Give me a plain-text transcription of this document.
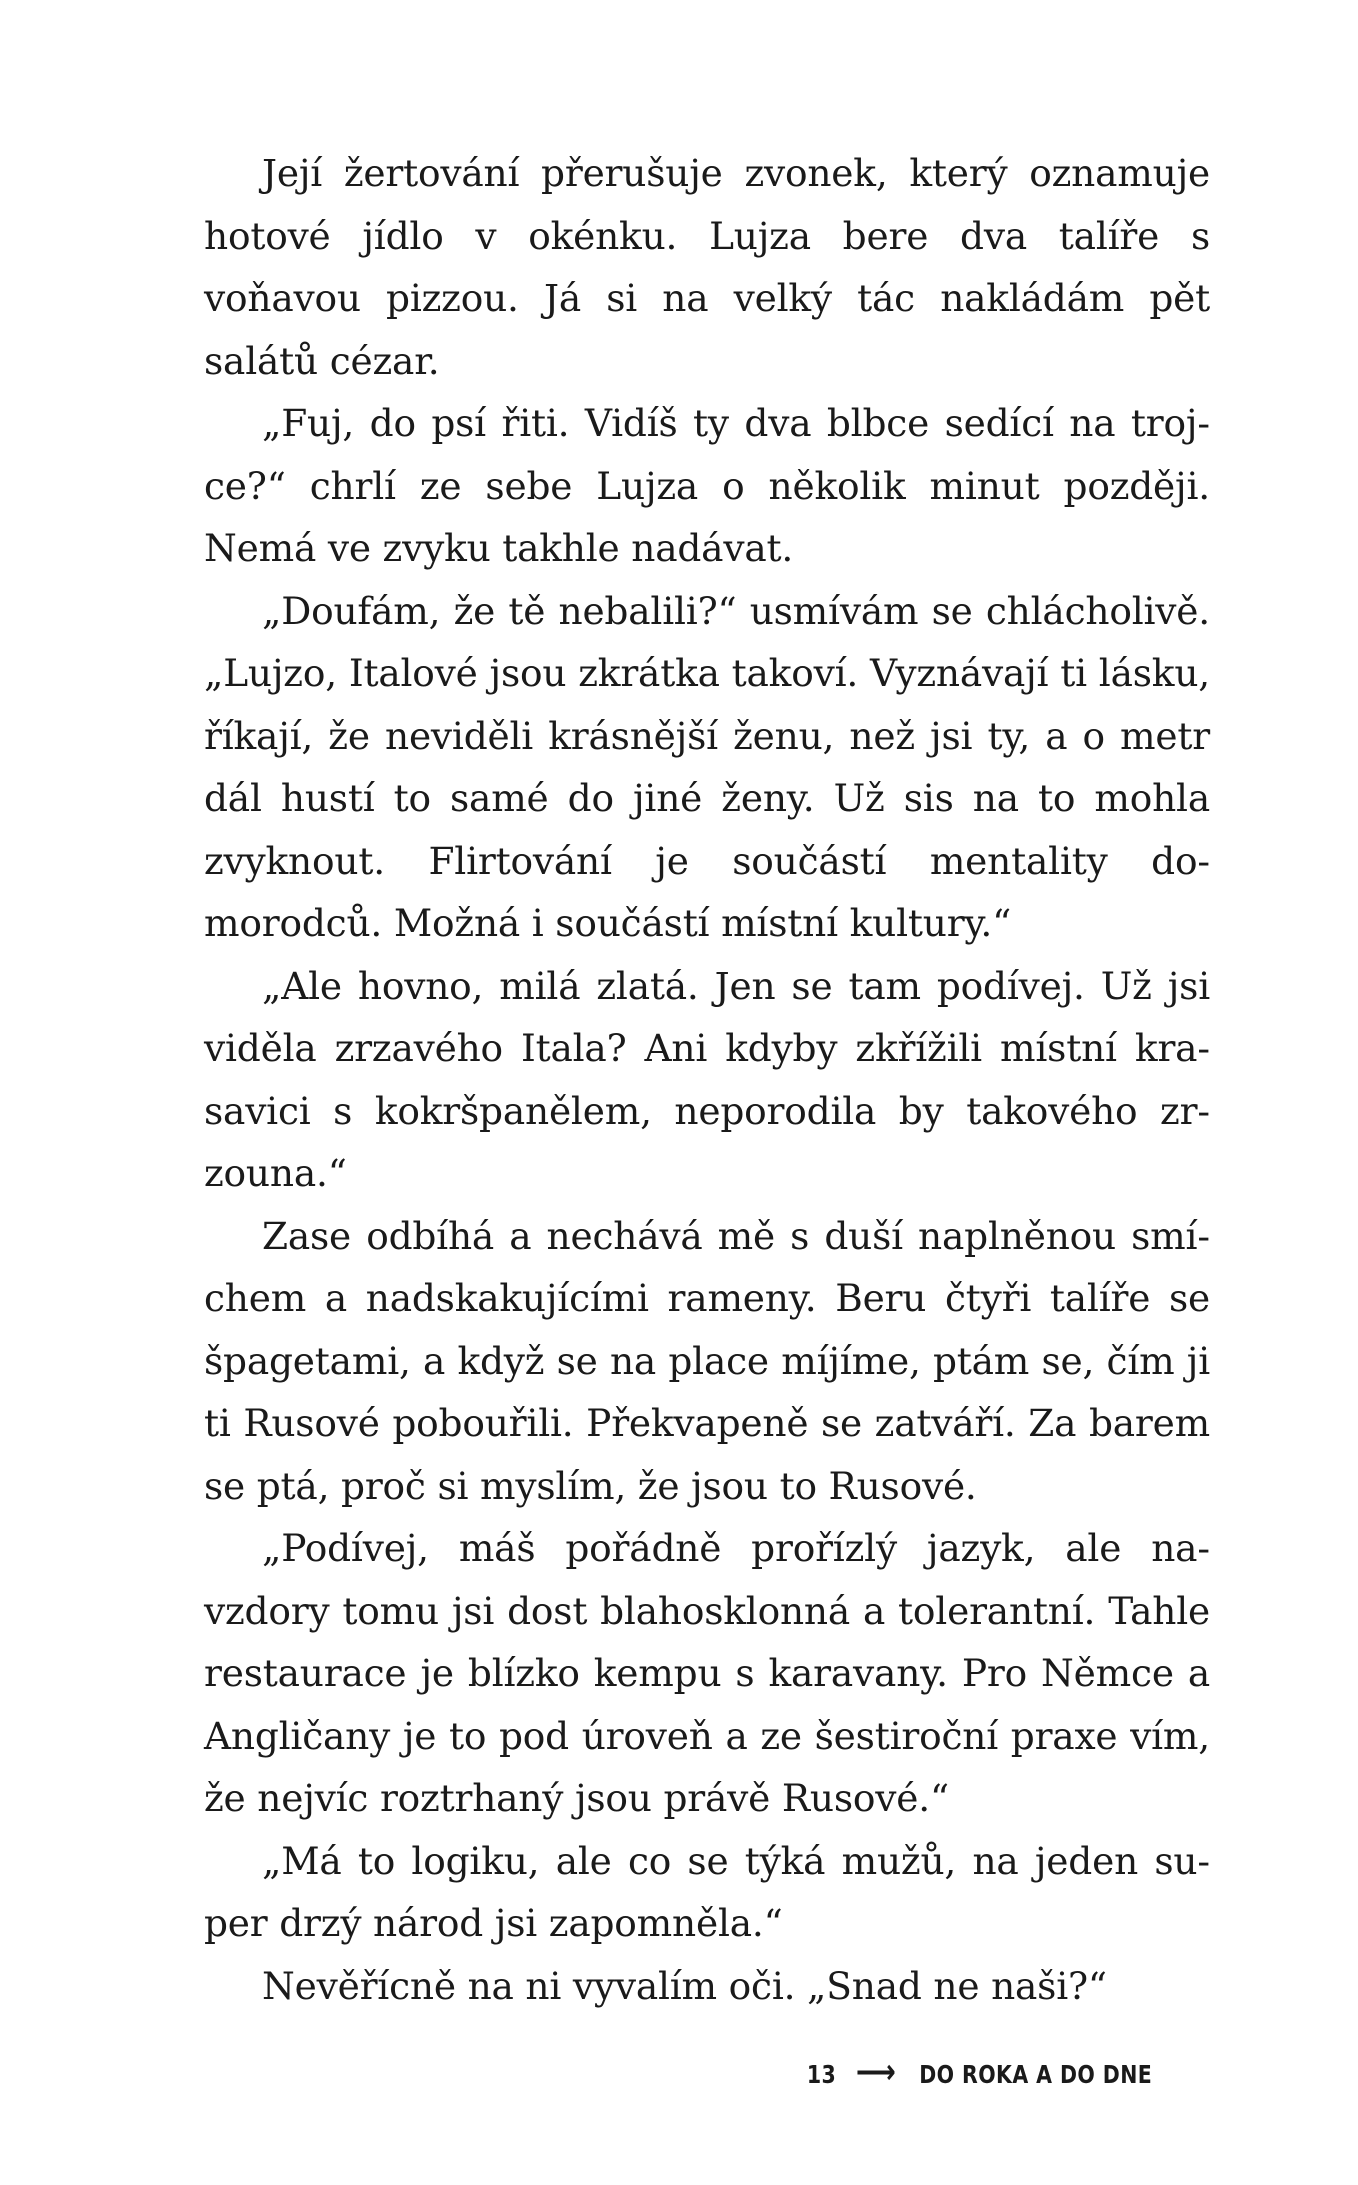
Její žertování přerušuje zvonek, který oznamuje hotové jídlo v okénku. Lujza bere dva talíře s voňavou pizzou. Já si na velký tác nakládám pět salátů cézar.

„Fuj, do psí řiti. Vidíš ty dva blbce sedící na trojce?“ chrlí ze sebe Lujza o několik minut později. Nemá ve zvyku takhle nadávat.

„Doufám, že tě nebalili?“ usmívám se chlácholivě. „Lujzo, Italové jsou zkrátka takoví. Vyznávají ti lásku, říkají, že neviděli krásnější ženu, než jsi ty, a o metr dál hustí to samé do jiné ženy. Už sis na to mohla zvyknout. Flirtování je součástí mentality domorodců. Možná i součástí místní kultury.“

„Ale hovno, milá zlatá. Jen se tam podívej. Už jsi viděla zrzavého Itala? Ani kdyby zkřížili místní krasavici s kokršpanělem, neporodila by takového zrzouna.“

Zase odbíhá a nechává mě s duší naplněnou smíchem a nadskakujícími rameny. Beru čtyři talíře se špagetami, a když se na place míjíme, ptám se, čím ji ti Rusové pobouřili. Překvapeně se zatváří. Za barem se ptá, proč si myslím, že jsou to Rusové.

„Podívej, máš pořádně prořízlý jazyk, ale navzdory tomu jsi dost blahosklonná a tolerantní. Tahle restaurace je blízko kempu s karavany. Pro Němce a Angličany je to pod úroveň a ze šestiroční praxe vím, že nejvíc roztrhaný jsou právě Rusové.“

„Má to logiku, ale co se týká mužů, na jeden super drzý národ jsi zapomněla.“

Nevěřícně na ni vyvalím oči. „Snad ne naši?“

13 ⟶ DO ROKA A DO DNE
